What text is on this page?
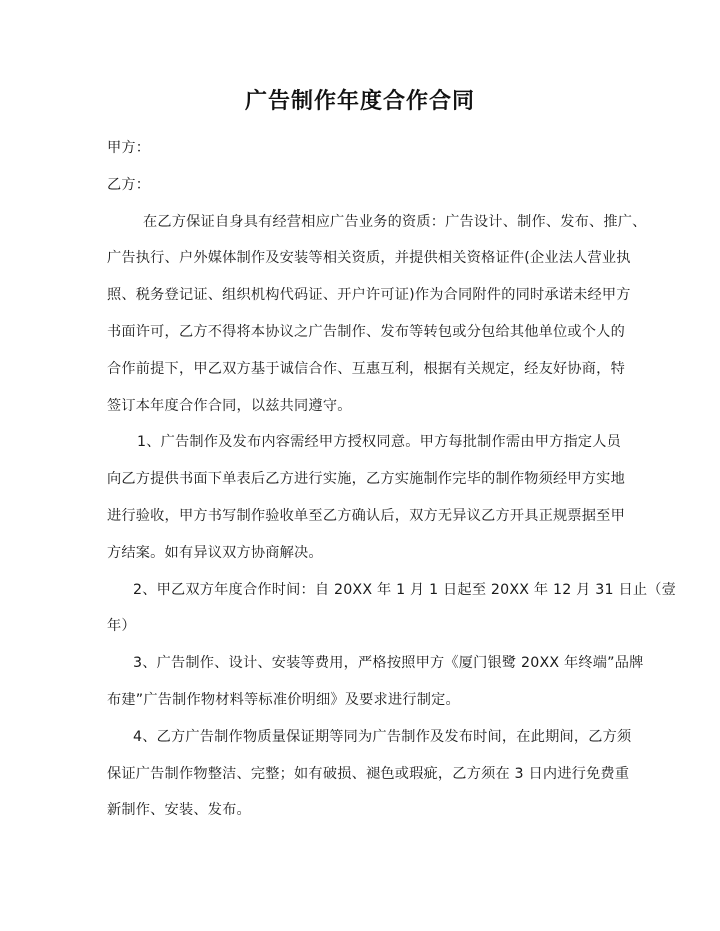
广告制作年度合作合同
甲方：
乙方：
在乙方保证自身具有经营相应广告业务的资质：广告设计、制作、发布、推广、
广告执行、户外媒体制作及安装等相关资质，并提供相关资格证件(企业法人营业执
照、税务登记证、组织机构代码证、开户许可证)作为合同附件的同时承诺未经甲方
书面许可，乙方不得将本协议之广告制作、发布等转包或分包给其他单位或个人的
合作前提下，甲乙双方基于诚信合作、互惠互利，根据有关规定，经友好协商，特
签订本年度合作合同，以兹共同遵守。
1、广告制作及发布内容需经甲方授权同意。甲方每批制作需由甲方指定人员
向乙方提供书面下单表后乙方进行实施，乙方实施制作完毕的制作物须经甲方实地
进行验收，甲方书写制作验收单至乙方确认后，双方无异议乙方开具正规票据至甲
方结案。如有异议双方协商解决。
2、甲乙双方年度合作时间：自 20XX 年 1 月 1 日起至 20XX 年 12 月 31 日止（壹
年）
3、广告制作、设计、安装等费用，严格按照甲方《厦门银鹭 20XX 年终端”品牌
布建”广告制作物材料等标准价明细》及要求进行制定。
4、乙方广告制作物质量保证期等同为广告制作及发布时间，在此期间，乙方须
保证广告制作物整洁、完整；如有破损、褪色或瑕疵，乙方须在 3 日内进行免费重
新制作、安装、发布。
